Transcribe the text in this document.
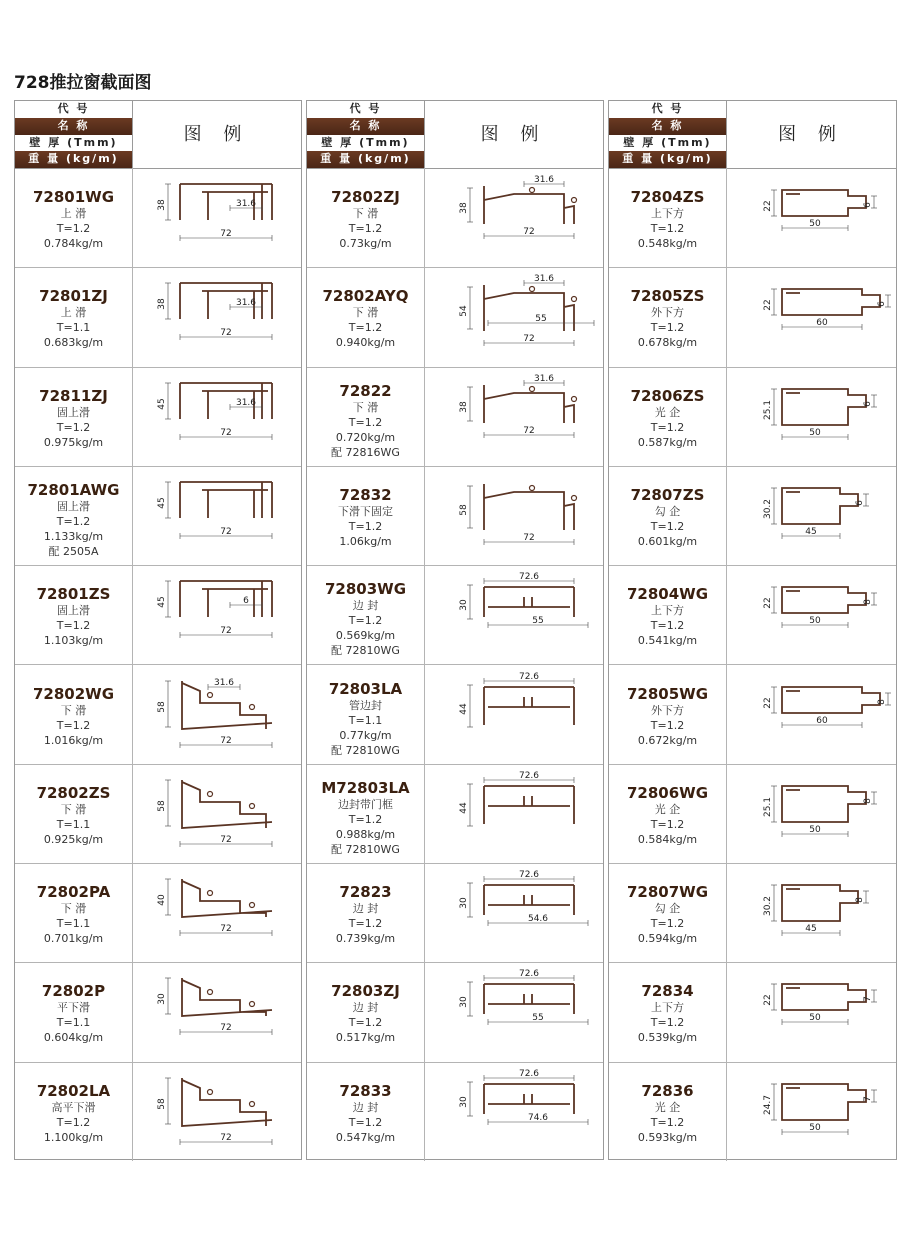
728推拉窗截面图
代 号
名 称
壁 厚 (Tmm)
重 量 (kg/m)
图 例
72801WG
上 滑
T=1.2
0.784kg/m
31.6
38
72
72801ZJ
上 滑
T=1.1
0.683kg/m
31.6
38
72
72811ZJ
固上滑
T=1.2
0.975kg/m
31.6
45
72
72801AWG
固上滑
T=1.2
1.133kg/m
配 2505A
45
72
72801ZS
固上滑
T=1.2
1.103kg/m
6
45
72
72802WG
下 滑
T=1.2
1.016kg/m
31.6
58
72
72802ZS
下 滑
T=1.1
0.925kg/m
58
72
72802PA
下 滑
T=1.1
0.701kg/m
40
72
72802P
平下滑
T=1.1
0.604kg/m
30
72
72802LA
高平下滑
T=1.2
1.100kg/m
58
72
代 号
名 称
壁 厚 (Tmm)
重 量 (kg/m)
图 例
72802ZJ
下 滑
T=1.2
0.73kg/m
31.6
38
72
72802AYQ
下 滑
T=1.2
0.940kg/m
31.6
55
54
72
72822
下 滑
T=1.2
0.720kg/m
配 72816WG
31.6
38
72
72832
下滑下固定
T=1.2
1.06kg/m
58
72
72803WG
边 封
T=1.2
0.569kg/m
配 72810WG
72.6
55
30
72803LA
管边封
T=1.1
0.77kg/m
配 72810WG
72.6
44
M72803LA
边封带门框
T=1.2
0.988kg/m
配 72810WG
72.6
44
72823
边 封
T=1.2
0.739kg/m
72.6
54.6
30
72803ZJ
边 封
T=1.2
0.517kg/m
72.6
55
30
72833
边 封
T=1.2
0.547kg/m
72.6
74.6
30
代 号
名 称
壁 厚 (Tmm)
重 量 (kg/m)
图 例
72804ZS
上下方
T=1.2
0.548kg/m
22
50
6
72805ZS
外下方
T=1.2
0.678kg/m
22
60
6
72806ZS
光 企
T=1.2
0.587kg/m
25.1
50
6
72807ZS
勾 企
T=1.2
0.601kg/m
30.2
45
6
72804WG
上下方
T=1.2
0.541kg/m
22
50
8
72805WG
外下方
T=1.2
0.672kg/m
22
60
8
72806WG
光 企
T=1.2
0.584kg/m
25.1
50
8
72807WG
勾 企
T=1.2
0.594kg/m
30.2
45
8
72834
上下方
T=1.2
0.539kg/m
22
50
7
72836
光 企
T=1.2
0.593kg/m
24.7
50
7
